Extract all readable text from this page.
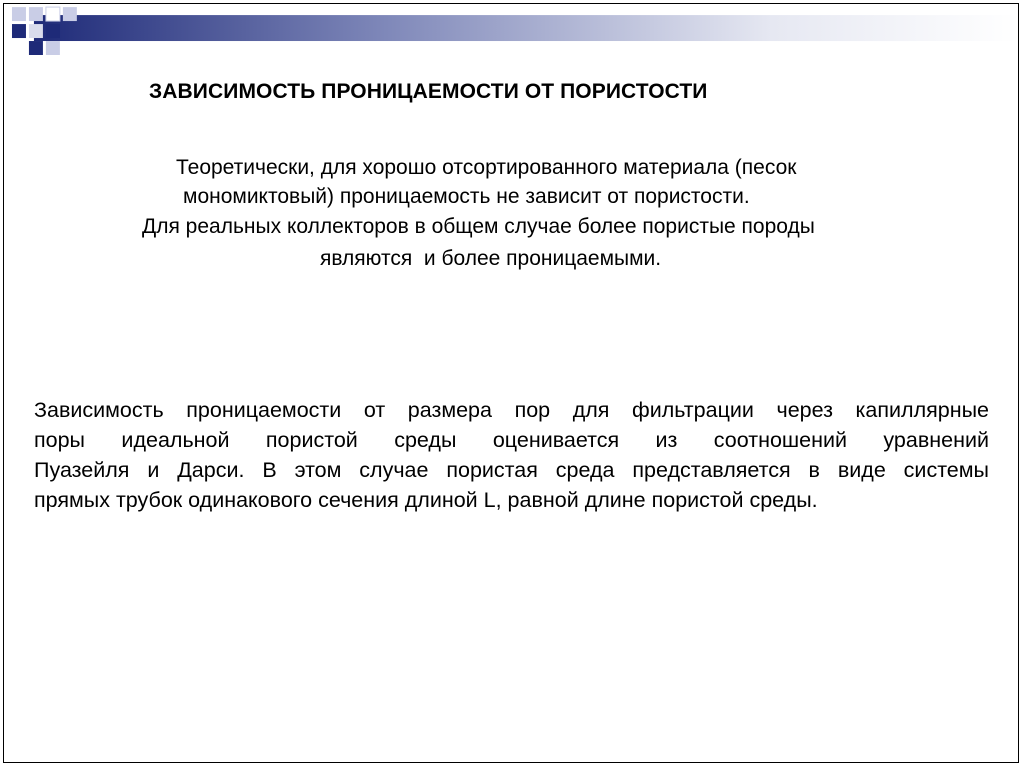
ЗАВИСИМОСТЬ ПРОНИЦАЕМОСТИ ОТ ПОРИСТОСТИ

Теоретически, для хорошо отсортированного материала (песок

мономиктовый) проницаемость не зависит от пористости.

Для реальных коллекторов в общем случае более пористые породы

являются  и более проницаемыми.

Зависимость проницаемости от размера пор для фильтрации через капиллярные
поры идеальной пористой среды оценивается из соотношений уравнений
Пуазейля и Дарси. В этом случае пористая среда представляется в виде системы
прямых трубок одинакового сечения длиной L, равной длине пористой среды.
